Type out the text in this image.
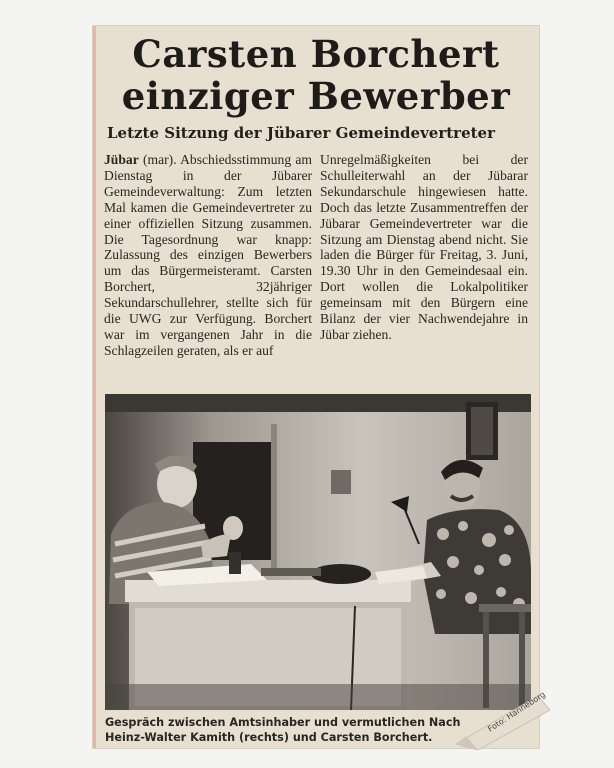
Carsten Borchert
einziger Bewerber
Letzte Sitzung der Jübarer Gemeindevertreter

Jübar (mar). Abschiedsstimmung am Dienstag in der Jübarer Gemeindeverwaltung: Zum letzten Mal kamen die Gemeindevertreter zu einer offiziellen Sitzung zusammen. Die Tagesordnung war knapp: Zulassung des einzigen Bewerbers um das Bürgermeisteramt. Carsten Borchert, 32jähriger Sekundarschullehrer, stellte sich für die UWG zur Verfügung. Borchert war im vergangenen Jahr in die Schlagzeilen geraten, als er auf

Unregelmäßigkeiten bei der Schulleiterwahl an der Jübarar Sekundarschule hingewiesen hatte. Doch das letzte Zusammentreffen der Jübarar Gemeindevertreter war die Sitzung am Dienstag abend nicht. Sie laden die Bürger für Freitag, 3. Juni, 19.30 Uhr in den Gemeindesaal ein. Dort wollen die Lokalpolitiker gemeinsam mit den Bürgern eine Bilanz der vier Nachwendejahre in Jübar ziehen.

Gespräch zwischen Amtsinhaber und vermutlichen Nach
Heinz-Walter Kamith (rechts) und Carsten Borchert.

Foto: Hanneborg
